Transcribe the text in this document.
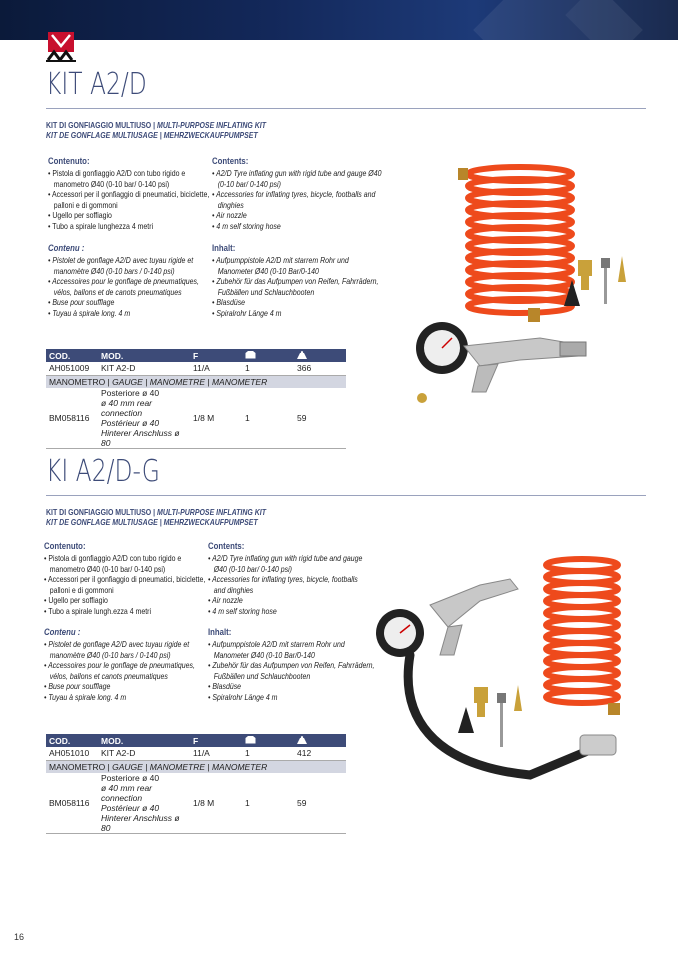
KIT A2/D
KIT DI GONFIAGGIO MULTIUSO | MULTI-PURPOSE INFLATING KIT
KIT DE GONFLAGE MULTIUSAGE | MEHRZWECKAUFPUMPSET
Contenuto:
• Pistola di gonfiaggio A2/D con tubo rigido e manometro Ø40 (0-10 bar/ 0-140 psi)
• Accessori per il gonfiaggio di pneumatici, biciclette, palloni e di gommoni
• Ugello per soffiagio
• Tubo a spirale lunghezza 4 metri
Contents:
• A2/D Tyre inflating gun with rigid tube and gauge Ø40 (0-10 bar/ 0-140 psi)
• Accessories for inflating tyres, bicycle, footballs and dinghies
• Air nozzle
• 4 m self storing hose
Contenu :
• Pistolet de gonflage A2/D avec tuyau rigide et manomètre Ø40 (0-10 bars / 0-140 psi)
• Accessoires pour le gonflage de pneumatiques, vélos, ballons et de canots pneumatiques
• Buse pour soufflage
• Tuyau à spirale long. 4 m
Inhalt:
• Aufpumppistole A2/D mit starrem Rohr und Manometer Ø40 (0-10 Bar/0-140
• Zubehör für das Aufpumpen von Reifen, Fahrrädern, Fußbällen und Schlauchbooten
• Blasdüse
• Spiralrohr Länge 4 m
COD.	MOD.	F		
AH051009	KIT A2-D	11/A	1	366
MANOMETRO | GAUGE | MANOMETRE | MANOMETER				
BM058116	Posteriore ø 40
ø 40 mm rear connection
Postérieur ø 40
Hinterer Anschluss ø 80	1/8 M	1	59
KI A2/D-G
KIT DI GONFIAGGIO MULTIUSO | MULTI-PURPOSE INFLATING KIT
KIT DE GONFLAGE MULTIUSAGE | MEHRZWECKAUFPUMPSET
Contenuto:
• Pistola di gonfiaggio A2/D con tubo rigido e manometro Ø40 (0-10 bar/ 0-140 psi)
• Accessori per il gonfiaggio di pneumatici, biciclette, palloni e di gommoni
• Ugello per soffiagio
• Tubo a spirale lungh.ezza 4 metri
Contents:
• A2/D Tyre inflating gun with rigid tube and gauge Ø40 (0-10 bar/ 0-140 psi)
• Accessories for inflating tyres, bicycle, footballs and dinghies
• Air nozzle
• 4 m self storing hose
Contenu :
• Pistolet de gonflage A2/D avec tuyau rigide et manomètre Ø40 (0-10 bars / 0-140 psi)
• Accessoires pour le gonflage de pneumatiques, vélos, ballons et canots pneumatiques
• Buse pour soufflage
• Tuyau à spirale long. 4 m
Inhalt:
• Aufpumppistole A2/D mit starrem Rohr und Manometer Ø40 (0-10 Bar/0-140
• Zubehör für das Aufpumpen von Reifen, Fahrrädern, Fußbällen und Schlauchbooten
• Blasdüse
• Spiralrohr Länge 4 m
COD.	MOD.	F		
AH051010	KIT A2-D	11/A	1	412
MANOMETRO | GAUGE | MANOMETRE | MANOMETER				
BM058116	Posteriore ø 40
ø 40 mm rear connection
Postérieur ø 40
Hinterer Anschluss ø 80	1/8 M	1	59
16
